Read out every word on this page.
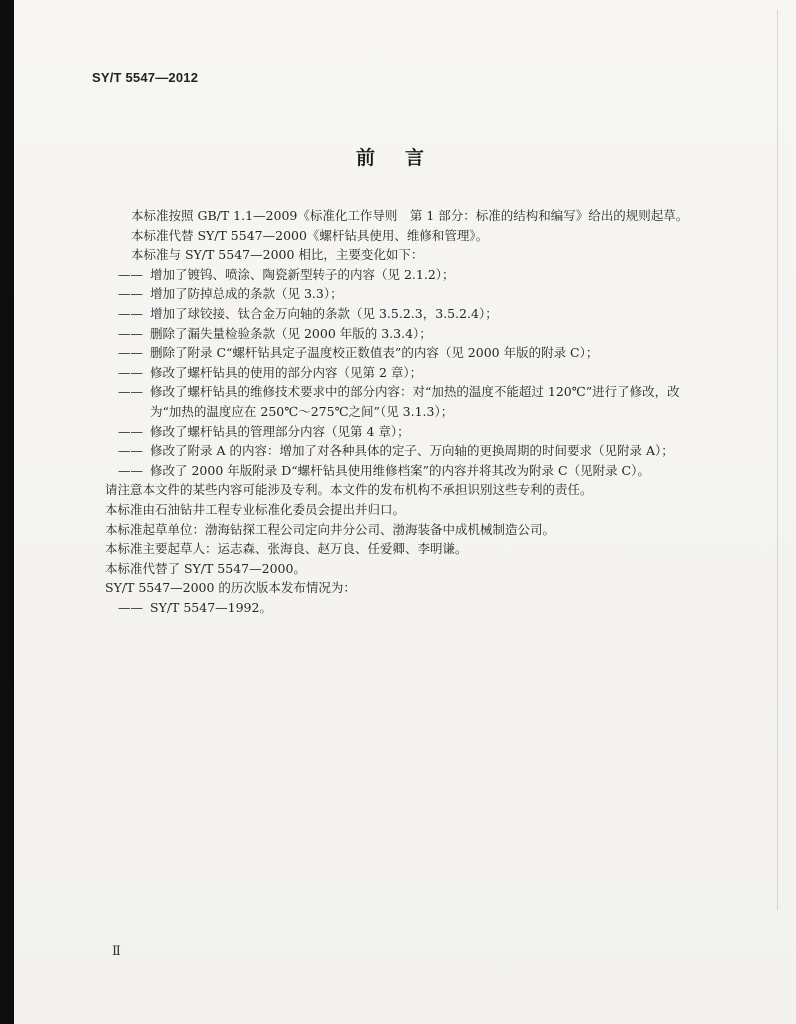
SY/T 5547—2012
前言

本标准按照 GB/T 1.1—2009《标准化工作导则　第 1 部分：标准的结构和编写》给出的规则起草。

本标准代替 SY/T 5547—2000《螺杆钻具使用、维修和管理》。

本标准与 SY/T 5547—2000 相比，主要变化如下：

—— 增加了镀钨、喷涂、陶瓷新型转子的内容（见 2.1.2）；

—— 增加了防掉总成的条款（见 3.3）；

—— 增加了球铰接、钛合金万向轴的条款（见 3.5.2.3，3.5.2.4）；

—— 删除了漏失量检验条款（见 2000 年版的 3.3.4）；

—— 删除了附录 C“螺杆钻具定子温度校正数值表”的内容（见 2000 年版的附录 C）；

—— 修改了螺杆钻具的使用的部分内容（见第 2 章）；

—— 修改了螺杆钻具的维修技术要求中的部分内容：对“加热的温度不能超过 120℃”进行了修改，改为“加热的温度应在 250℃～275℃之间”（见 3.1.3）；

—— 修改了螺杆钻具的管理部分内容（见第 4 章）；

—— 修改了附录 A 的内容：增加了对各种具体的定子、万向轴的更换周期的时间要求（见附录 A）；

—— 修改了 2000 年版附录 D“螺杆钻具使用维修档案”的内容并将其改为附录 C（见附录 C）。

请注意本文件的某些内容可能涉及专利。本文件的发布机构不承担识别这些专利的责任。

本标准由石油钻井工程专业标准化委员会提出并归口。

本标准起草单位：渤海钻探工程公司定向井分公司、渤海装备中成机械制造公司。

本标准主要起草人：运志森、张海良、赵万良、任爱卿、李明谦。

本标准代替了 SY/T 5547—2000。

SY/T 5547—2000 的历次版本发布情况为：

—— SY/T 5547—1992。

Ⅱ
